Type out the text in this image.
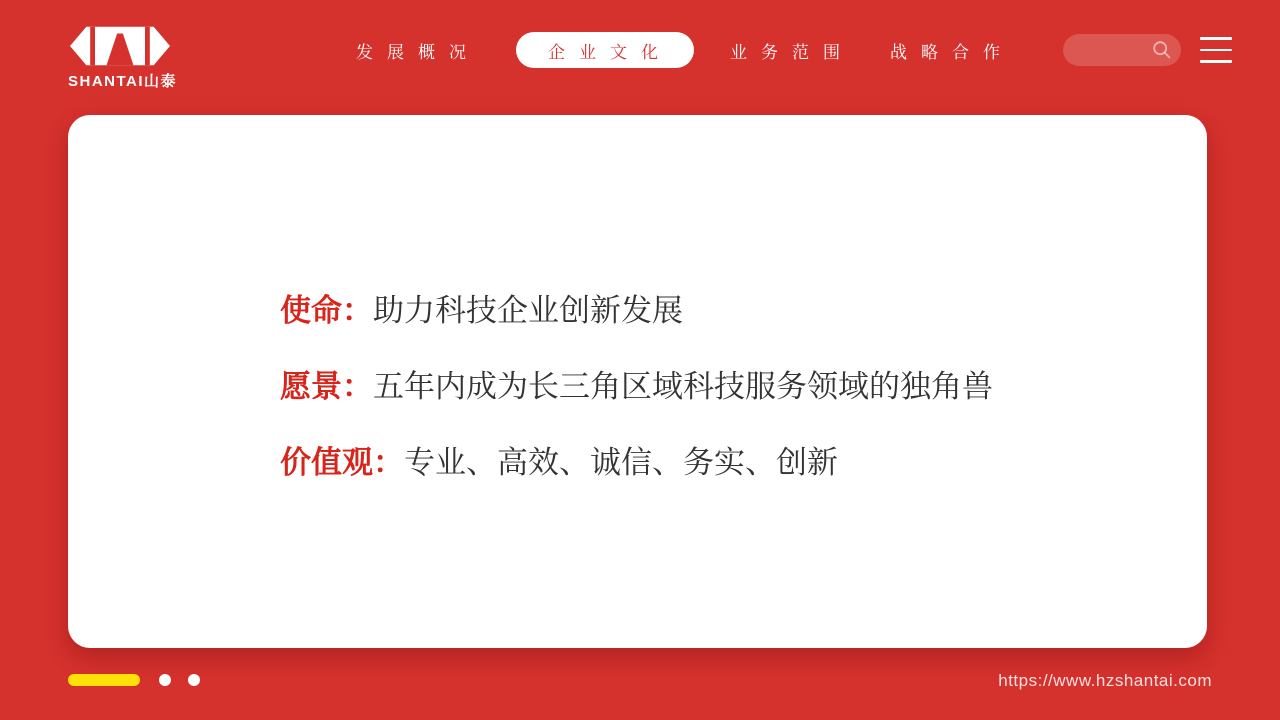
SHANTAI山泰
发展概况	企业文化	业务范围 战略合作
使命： 助力科技企业创新发展
愿景： 五年内成为长三角区域科技服务领域的独角兽
价值观： 专业、高效、诚信、务实、创新
https://www.hzshantai.com
